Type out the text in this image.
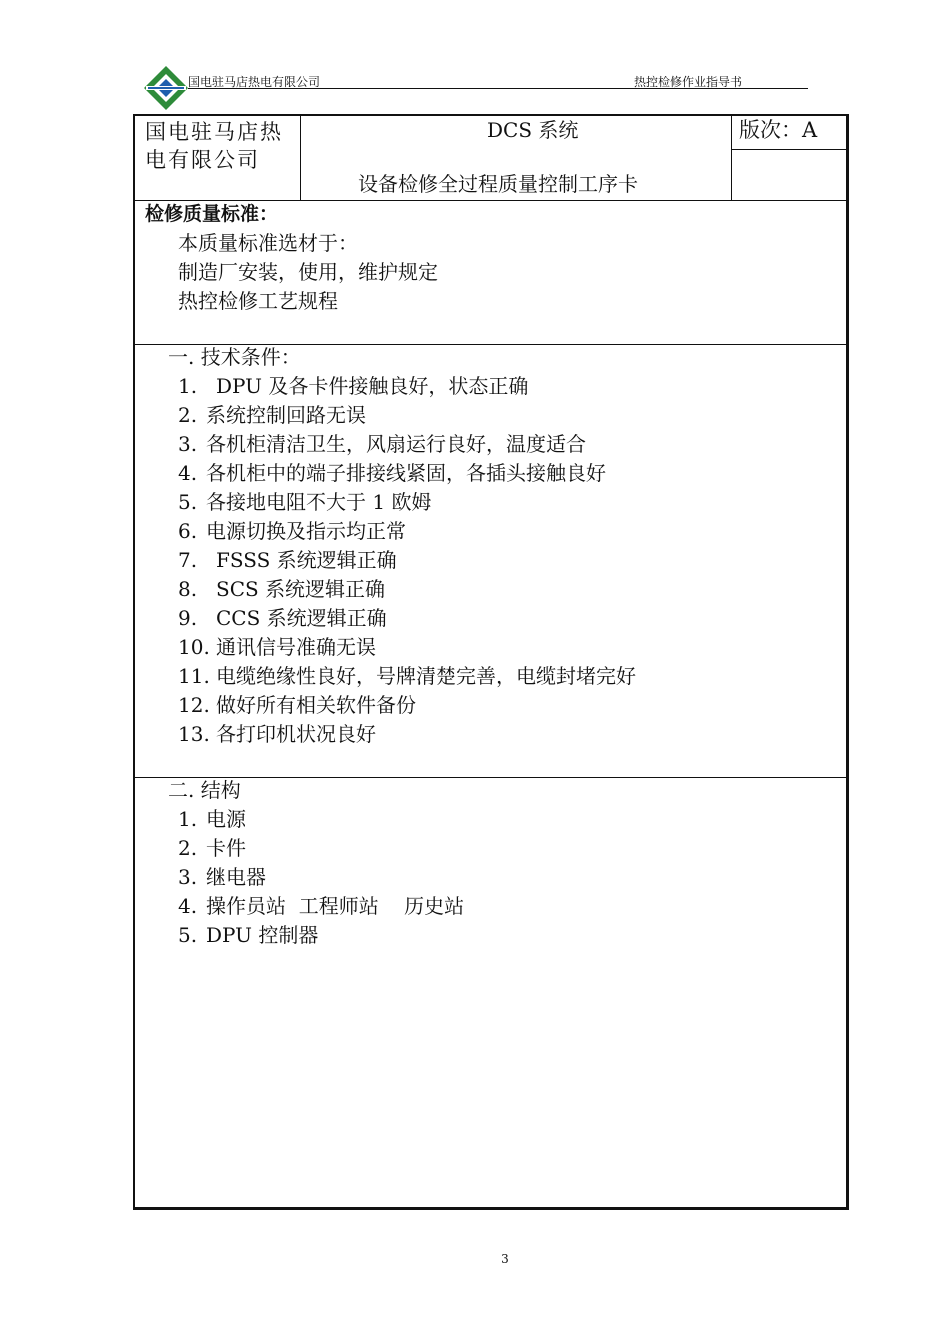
国电驻马店热电有限公司	热控检修作业指导书
国电驻马店热电有限公司
DCS 系统
设备检修全过程质量控制工序卡
版次：A
检修质量标准：
本质量标准选材于：
制造厂安装，使用，维护规定
热控检修工艺规程
一. 技术条件：
1. DPU 及各卡件接触良好，状态正确
2. 系统控制回路无误
3. 各机柜清洁卫生，风扇运行良好，温度适合
4. 各机柜中的端子排接线紧固，各插头接触良好
5. 各接地电阻不大于 1 欧姆
6. 电源切换及指示均正常
7. FSSS 系统逻辑正确
8. SCS 系统逻辑正确
9. CCS 系统逻辑正确
10. 通讯信号准确无误
11. 电缆绝缘性良好，号牌清楚完善，电缆封堵完好
12. 做好所有相关软件备份
13. 各打印机状况良好
二. 结构
1. 电源
2. 卡件
3. 继电器
4. 操作员站  工程师站    历史站
5. DPU 控制器
3
